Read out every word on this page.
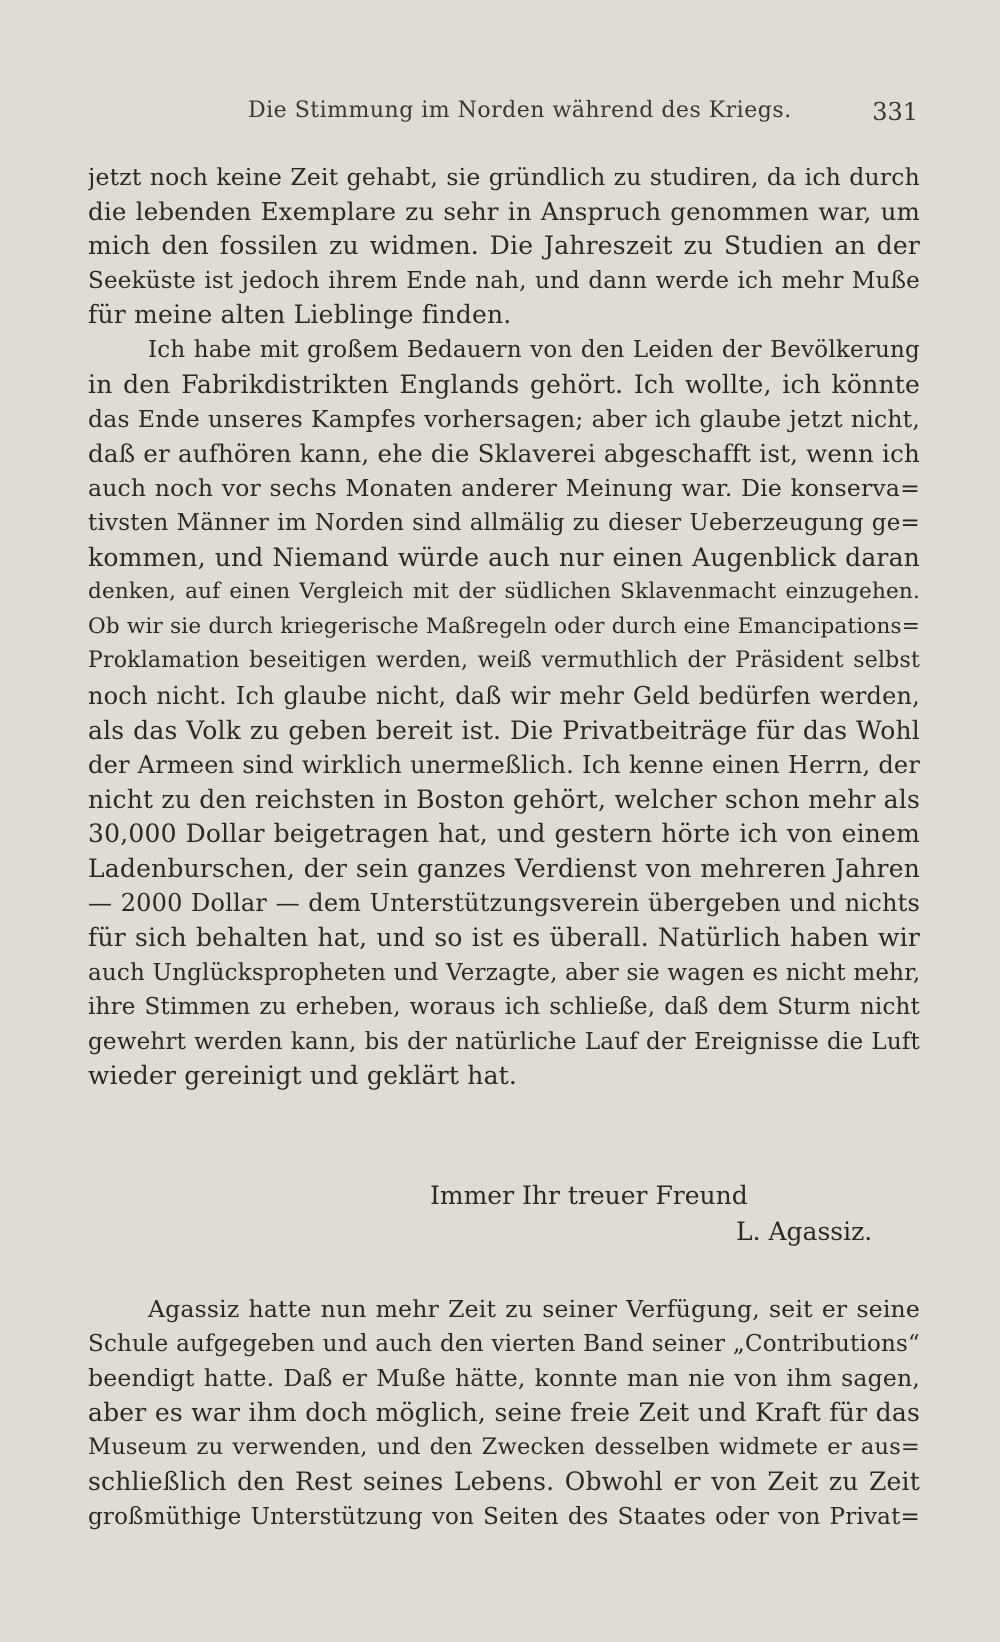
Die Stimmung im Norden während des Kriegs.	331
jetzt noch keine Zeit gehabt, sie gründlich zu studiren, da ich durch
die lebenden Exemplare zu sehr in Anspruch genommen war, um
mich den fossilen zu widmen. Die Jahreszeit zu Studien an der
Seeküste ist jedoch ihrem Ende nah, und dann werde ich mehr Muße
für meine alten Lieblinge finden.
Ich habe mit großem Bedauern von den Leiden der Bevölkerung
in den Fabrikdistrikten Englands gehört. Ich wollte, ich könnte
das Ende unseres Kampfes vorhersagen; aber ich glaube jetzt nicht,
daß er aufhören kann, ehe die Sklaverei abgeschafft ist, wenn ich
auch noch vor sechs Monaten anderer Meinung war. Die konserva=
tivsten Männer im Norden sind allmälig zu dieser Ueberzeugung ge=
kommen, und Niemand würde auch nur einen Augenblick daran
denken, auf einen Vergleich mit der südlichen Sklavenmacht einzugehen.
Ob wir sie durch kriegerische Maßregeln oder durch eine Emancipations=
Proklamation beseitigen werden, weiß vermuthlich der Präsident selbst
noch nicht. Ich glaube nicht, daß wir mehr Geld bedürfen werden,
als das Volk zu geben bereit ist. Die Privatbeiträge für das Wohl
der Armeen sind wirklich unermeßlich. Ich kenne einen Herrn, der
nicht zu den reichsten in Boston gehört, welcher schon mehr als
30,000 Dollar beigetragen hat, und gestern hörte ich von einem
Ladenburschen, der sein ganzes Verdienst von mehreren Jahren
— 2000 Dollar — dem Unterstützungsverein übergeben und nichts
für sich behalten hat, und so ist es überall. Natürlich haben wir
auch Unglückspropheten und Verzagte, aber sie wagen es nicht mehr,
ihre Stimmen zu erheben, woraus ich schließe, daß dem Sturm nicht
gewehrt werden kann, bis der natürliche Lauf der Ereignisse die Luft
wieder gereinigt und geklärt hat.
Immer Ihr treuer Freund
L. Agassiz.
Agassiz hatte nun mehr Zeit zu seiner Verfügung, seit er seine
Schule aufgegeben und auch den vierten Band seiner „Contributions“
beendigt hatte. Daß er Muße hätte, konnte man nie von ihm sagen,
aber es war ihm doch möglich, seine freie Zeit und Kraft für das
Museum zu verwenden, und den Zwecken desselben widmete er aus=
schließlich den Rest seines Lebens. Obwohl er von Zeit zu Zeit
großmüthige Unterstützung von Seiten des Staates oder von Privat=
